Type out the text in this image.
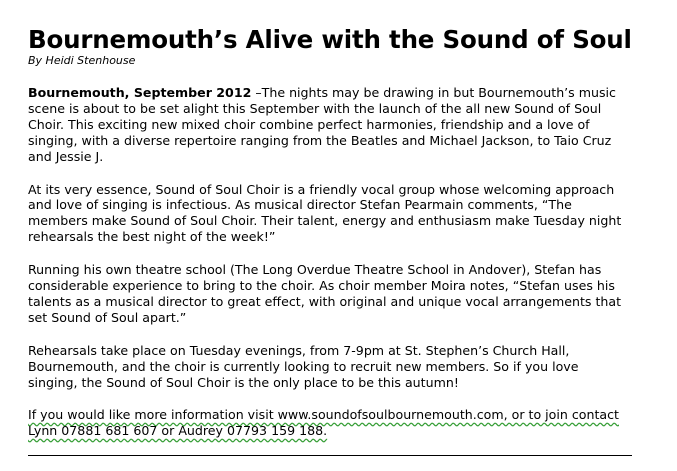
Bournemouth’s Alive with the Sound of Soul

By Heidi Stenhouse

Bournemouth, September 2012 –The nights may be drawing in but Bournemouth’s music scene is about to be set alight this September with the launch of the all new Sound of Soul Choir. This exciting new mixed choir combine perfect harmonies, friendship and a love of singing, with a diverse repertoire ranging from the Beatles and Michael Jackson, to Taio Cruz and Jessie J.

At its very essence, Sound of Soul Choir is a friendly vocal group whose welcoming approach and love of singing is infectious. As musical director Stefan Pearmain comments, “The members make Sound of Soul Choir. Their talent, energy and enthusiasm make Tuesday night rehearsals the best night of the week!”

Running his own theatre school (The Long Overdue Theatre School in Andover), Stefan has considerable experience to bring to the choir. As choir member Moira notes, “Stefan uses his talents as a musical director to great effect, with original and unique vocal arrangements that set Sound of Soul apart.”

Rehearsals take place on Tuesday evenings, from 7-9pm at St. Stephen’s Church Hall, Bournemouth, and the choir is currently looking to recruit new members. So if you love singing, the Sound of Soul Choir is the only place to be this autumn!

If you would like more information visit www.soundofsoulbournemouth.com, or to join contact Lynn 07881 681 607 or Audrey 07793 159 188.
